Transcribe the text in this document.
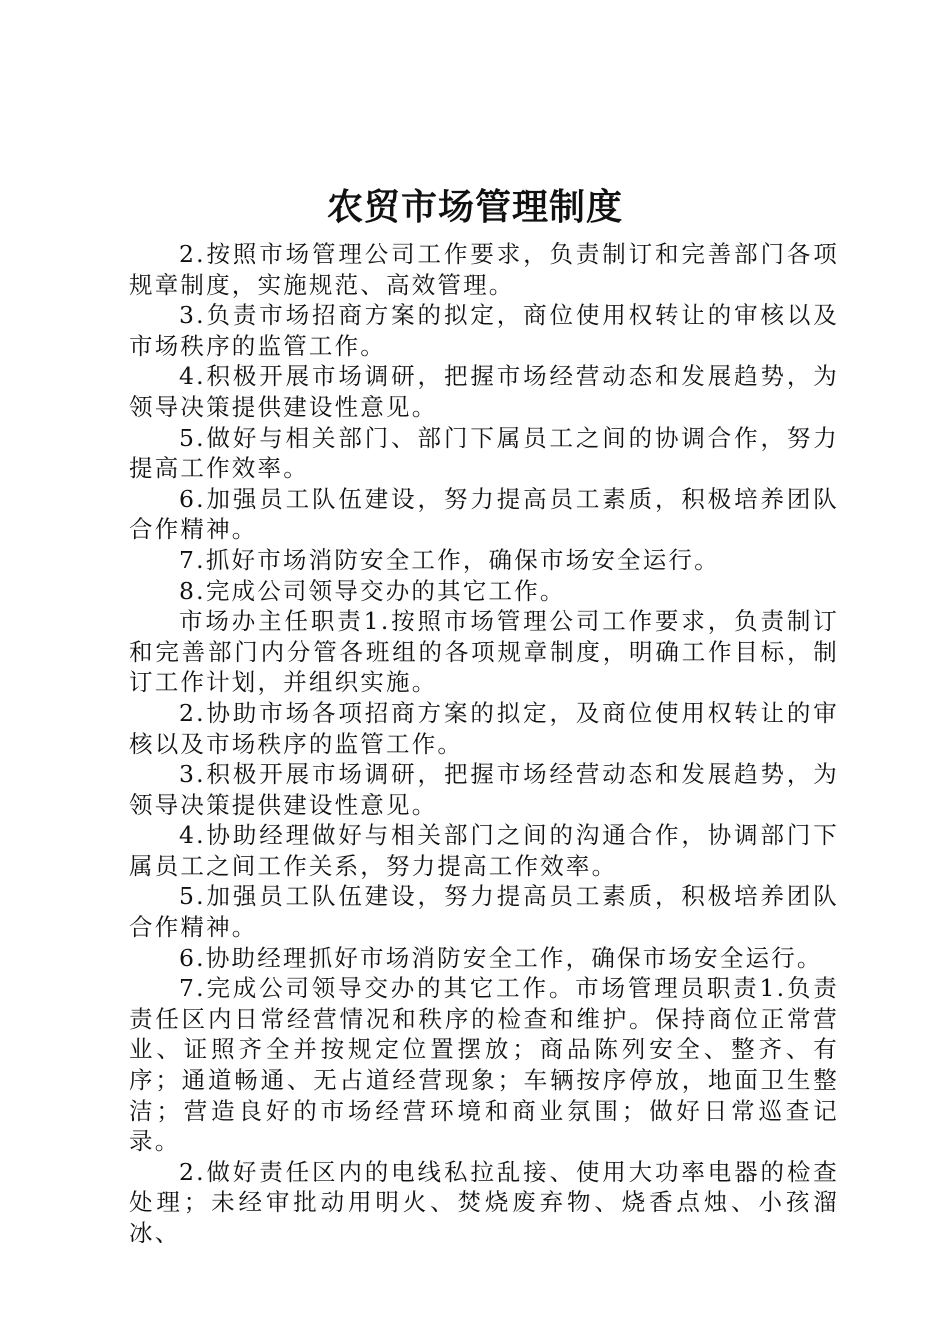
农贸市场管理制度

2.按照市场管理公司工作要求，负责制订和完善部门各项规章制度，实施规范、高效管理。

3.负责市场招商方案的拟定，商位使用权转让的审核以及市场秩序的监管工作。

4.积极开展市场调研，把握市场经营动态和发展趋势，为领导决策提供建设性意见。

5.做好与相关部门、部门下属员工之间的协调合作，努力提高工作效率。

6.加强员工队伍建设，努力提高员工素质，积极培养团队合作精神。

7.抓好市场消防安全工作，确保市场安全运行。

8.完成公司领导交办的其它工作。

市场办主任职责1.按照市场管理公司工作要求，负责制订和完善部门内分管各班组的各项规章制度，明确工作目标，制订工作计划，并组织实施。

2.协助市场各项招商方案的拟定，及商位使用权转让的审核以及市场秩序的监管工作。

3.积极开展市场调研，把握市场经营动态和发展趋势，为领导决策提供建设性意见。

4.协助经理做好与相关部门之间的沟通合作，协调部门下属员工之间工作关系，努力提高工作效率。

5.加强员工队伍建设，努力提高员工素质，积极培养团队合作精神。

6.协助经理抓好市场消防安全工作，确保市场安全运行。

7.完成公司领导交办的其它工作。市场管理员职责1.负责责任区内日常经营情况和秩序的检查和维护。保持商位正常营业、证照齐全并按规定位置摆放；商品陈列安全、整齐、有序；通道畅通、无占道经营现象；车辆按序停放，地面卫生整洁；营造良好的市场经营环境和商业氛围；做好日常巡查记录。

2.做好责任区内的电线私拉乱接、使用大功率电器的检查处理；未经审批动用明火、焚烧废弃物、烧香点烛、小孩溜冰、
